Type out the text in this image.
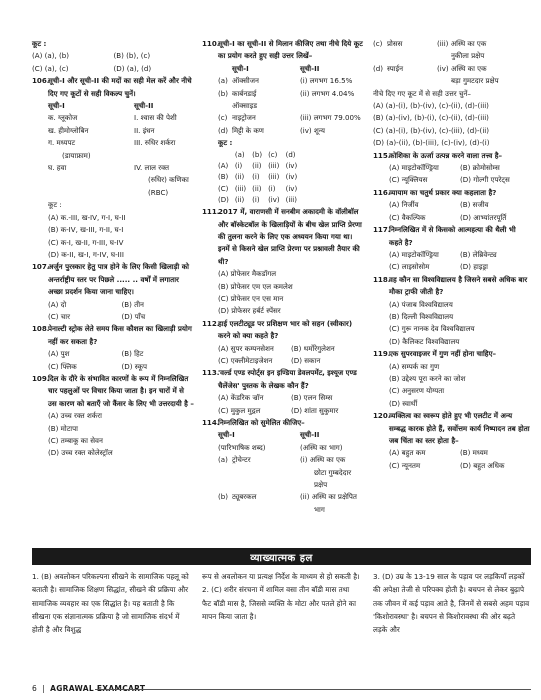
कूट :
(A) (a), (b)	(B) (b), (c)
(C) (a), (c)	(D) (a), (d)
106.
सूची-I और सूची-II की मदों का सही मेल करें और नीचे दिए गए कूटों से सही विकल्प चुनें।
सूची-I	सूची-II
क. ग्लूकोज	I. श्वास की पेशी
ख. हीमोग्लोबिन	II. इंधन
ग. मध्यपट	III. रुधिर शर्करा
(डायाफ्राम)
घ. हवा	IV. लाल रक्त
(रुधिर) कणिका
(RBC)
कूट :
(A) क.-III, ख-IV, ग-I, घ-II
(B) क-IV, ख-III, ग-II, घ-I
(C) क-I, ख-II, ग-III, घ-IV
(D) क-II, ख-I, ग-IV, घ-III
107.
अर्जुन पुरस्कार हेतु पात्र होने के लिए किसी खिलाड़ी को अन्तर्राष्ट्रीय स्तर पर पिछले ..... .. वर्षों में लगातार अच्छा प्रदर्शन किया जाना चाहिए।
(A) दो	(B) तीन
(C) चार	(D) पाँच
108.
पेनाल्टी स्ट्रोक लेते समय किस कौशल का खिलाड़ी प्रयोग नहीं कर सकता है?
(A) पुश	(B) हिट
(C) फ्लिक	(D) स्कूप
109.
दिल के दौरे के संभावित कारणों के रूप में निम्नलिखित चार पहलुओं पर विचार किया जाता है। इन चारों में से उस कारण को बताएँ जो कैंसर के लिए भी उत्तरदायी है –
(A) उच्च रक्त शर्करा
(B) मोटापा
(C) तम्बाकू का सेवन
(D) उच्च रक्त कोलेस्ट्रॉल
110.
सूची-I का सूची-II से मिलान कीजिए तथा नीचे दिये कूट का प्रयोग करते हुए सही उत्तर लिखें–
सूची-I	सूची-II
(a) ऑक्सीजन	(i) लगभग 16.5%
(b) कार्बनडाई	(ii) लगभग 4.04%
ऑक्साइड
(c) नाइट्रोजन	(iii) लगभग 79.00%
(d) मिट्टी के कण	(iv) शून्य
कूट :
	(a)	(b)	(c)	(d)
(A)	(i)	(ii)	(iii)	(iv)
(B)	(ii)	(i)	(iii)	(iv)
(C)	(iii)	(ii)	(i)	(iv)
(D)	(ii)	(i)	(iv)	(iii)
111.
2017 में, वाराणसी में सनबीम अकादमी के वॉलीबॉल और बॉस्केटबॉल के खिलाड़ियों के बीच खेल प्राप्ति प्रेरणा की तुलना करने के लिए एक अध्ययन किया गया था। इनमें से किसने खेल प्राप्ति प्रेरणा पर प्रश्नावली तैयार की थी?
(A) प्रोफेसर मैकडॉगल
(B) प्रोफेसर एम एल कमलेश
(C) प्रोफेसर एन एस मान
(D) प्रोफेसर हर्बर्ट स्पेंसर
112.
हाई एलटीट्यूड पर प्रशिक्षण भार को सहन (स्वीकार) करने को क्या कहते है?
(A) सुपर कम्पनसेशन	(B) थर्मोरेगुलेशन
(C) एक्लीमेटाइजेशन	(D) सकान
113.
'वर्ल्ड एण्ड स्पोर्ट्स इन इण्डिया डेवलपमेंट, इश्यूज एण्ड चैलेंजेस' पुस्तक के लेखक कौन हैं?
(A) केंडरिक ज्रॉन	(B) एलन सिम्स
(C) मुकुल मुद्गल	(D) शांता सुकुमार
114.
निम्नलिखित को सुमेलित कीजिए–
सूची-I	सूची-II
(पारिभाषिक शब्द)	(अस्थि का भाग)
(a) ट्रोचेन्टर	(i) अस्थि का एक
छोटा गुम्बदेदार
प्रक्षेप
(b) ट्यूबरकल	(ii) अस्थि का प्रक्षेपित
भाग
(c) प्रोसस	(iii) अस्थि का एक
नुकीला प्रक्षेप
(d) स्पाईन	(iv) अस्थि का एक
बड़ा गुमटदार प्रक्षेप
नीचे दिए गए कूट में से सही उत्तर चुनें–
(A) (a)-(i), (b)-(iv), (c)-(ii), (d)-(iii)
(B) (a)-(iv), (b)-(i), (c)-(ii), (d)-(iii)
(C) (a)-(i), (b)-(iv), (c)-(iii), (d)-(ii)
(D) (a)-(ii), (b)-(iii), (c)-(iv), (d)-(i)
115.
कोशिका के ऊर्जा उत्पन्न करने वाला तत्त्व है–
(A) माइटोकॉण्ड्रिया	(B) क्रोमोसोम्स
(C) न्यूक्लियस	(D) गोल्गी एपरेट्स
116.
व्यायाम का चतुर्थ प्रकार क्या कहलाता है?
(A) निर्जीव	(B) सजीव
(C) वैकल्पिक	(D) आभ्यांतरपूर्ति
117.
निम्नलिखित में से किसको आत्महत्या की थैली भी कहते है?
(A) माइटोकॉण्ड्रिया	(B) लेब्रिवेन्ट्य
(C) लाइसोसोम	(D) हाइड्रा
118.
वह कौन सा विश्वविद्यालय है जिसने सबसे अधिक बार मौका ट्राफी जीती है?
(A) पंजाब विश्वविद्यालय
(B) दिल्ली विश्वविद्यालय
(C) गुरू नानक देव विश्वविद्यालय
(D) कैलिकट विश्वविद्यालय
119.
एक सुपरवाइजर में गुण नहीं होना चाहिए–
(A) सम्पर्क का गुण
(B) उद्देश्य पूरा करने का जोश
(C) अनुसरण योग्यता
(D) स्वार्थी
120.
व्यक्तित्व का स्वरूप होते हुए भी एलटीट में अन्य सम्बद्ध कारक होते हैं, सर्वोत्तम कार्य निष्पादन तब होता जब चिंता का स्तर होता है–
(A) बहुत कम	(B) मध्यम
(C) न्यूनतम	(D) बहुत अधिक
व्याख्यात्मक हल
1. (B) अवलोकन परिकल्पना सीखने के सामाजिक पहलू को बताती है। सामाजिक शिक्षण सिद्धांत, सीखने की प्रक्रिया और सामाजिक व्यवहार का एक सिद्धांत है। यह बताती है कि सीखना एक संज्ञानात्मक प्रक्रिया है जो सामाजिक संदर्भ में होती है और विशुद्ध
रूप से अवलोकन या प्रत्यक्ष निर्देश के माध्यम से हो सकती है।
2. (C) शरीर संरचना में शामिल वसा तीन बॉडी मास तथा फैट बॉडी मास है, जिससे व्यक्ति के मोटा और पतले होने का मापन किया जाता है।
3. (D) उम्र के 13-19 साल के पड़ाव पर लड़कियाँ लड़कों की अपेक्षा तेजी से परिपक्व होती है। बचपन से लेकर बुढ़ापे तक जीवन में कई पड़ाव आते है, जिनमें से सबसे अहम पड़ाव 'किशोरावस्था' है। बचपन से किशोरावस्था की ओर बढ़ते लड़के और
6 | AGRAWAL EXAMCART
